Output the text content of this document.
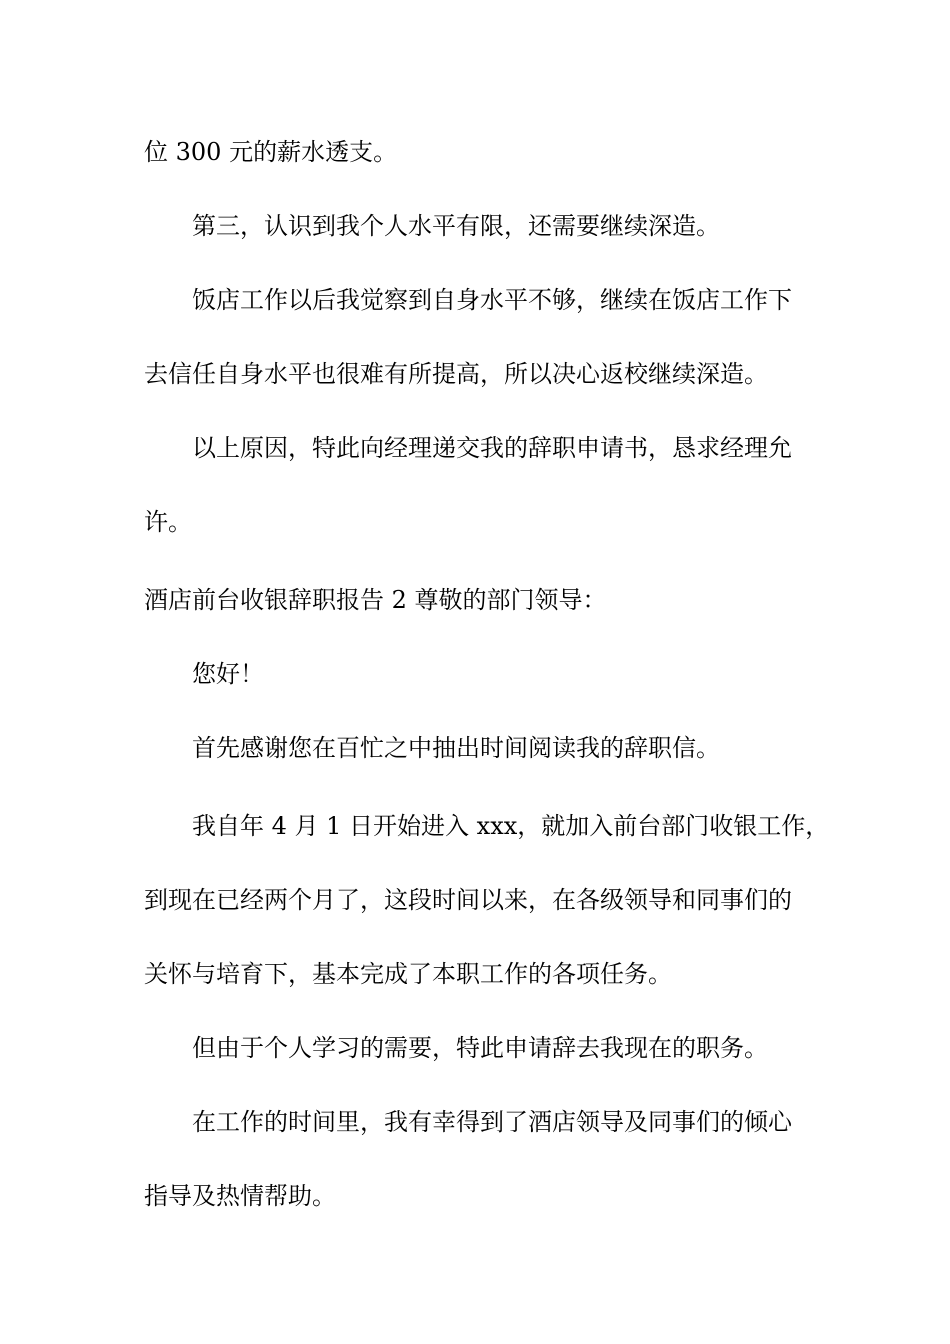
位 300 元的薪水透支。
第三，认识到我个人水平有限，还需要继续深造。
饭店工作以后我觉察到自身水平不够，继续在饭店工作下
去信任自身水平也很难有所提高，所以决心返校继续深造。
以上原因，特此向经理递交我的辞职申请书，恳求经理允
许。
酒店前台收银辞职报告 2 尊敬的部门领导：
您好！
首先感谢您在百忙之中抽出时间阅读我的辞职信。
我自年 4 月 1 日开始进入 xxx，就加入前台部门收银工作，
到现在已经两个月了，这段时间以来，在各级领导和同事们的
关怀与培育下，基本完成了本职工作的各项任务。
但由于个人学习的需要，特此申请辞去我现在的职务。
在工作的时间里，我有幸得到了酒店领导及同事们的倾心
指导及热情帮助。
